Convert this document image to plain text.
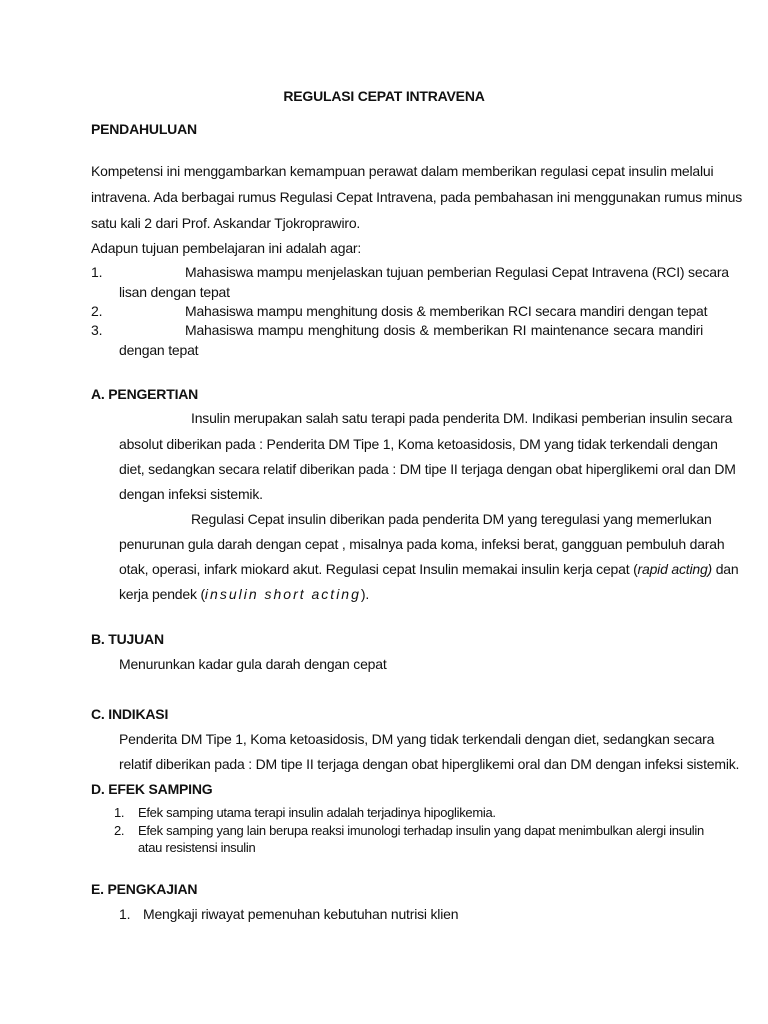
REGULASI CEPAT INTRAVENA
PENDAHULUAN
Kompetensi ini menggambarkan kemampuan perawat dalam memberikan regulasi cepat insulin melalui
intravena. Ada berbagai rumus Regulasi Cepat Intravena, pada pembahasan ini menggunakan rumus minus
satu kali 2 dari Prof. Askandar Tjokroprawiro.
Adapun tujuan pembelajaran ini adalah agar:
1.	Mahasiswa mampu menjelaskan tujuan pemberian Regulasi Cepat Intravena (RCI) secara
lisan dengan tepat
2.	Mahasiswa mampu menghitung dosis & memberikan RCI secara mandiri dengan tepat
3.	Mahasiswa mampu menghitung dosis & memberikan RI maintenance secara mandiri
dengan tepat
A. PENGERTIAN
Insulin merupakan salah satu terapi pada penderita DM. Indikasi pemberian insulin secara
absolut diberikan pada : Penderita DM Tipe 1, Koma ketoasidosis, DM yang tidak terkendali dengan
diet, sedangkan secara relatif diberikan pada : DM tipe II terjaga dengan obat hiperglikemi oral dan DM
dengan infeksi sistemik.
Regulasi Cepat insulin diberikan pada penderita DM yang teregulasi yang memerlukan
penurunan gula darah dengan cepat , misalnya pada koma, infeksi berat, gangguan pembuluh darah
otak, operasi, infark miokard akut. Regulasi cepat Insulin memakai insulin kerja cepat (rapid acting) dan
kerja pendek (insulin short acting).
B. TUJUAN
Menurunkan kadar gula darah dengan cepat
C. INDIKASI
Penderita DM Tipe 1, Koma ketoasidosis, DM yang tidak terkendali dengan diet, sedangkan secara
relatif diberikan pada : DM tipe II terjaga dengan obat hiperglikemi oral dan DM dengan infeksi sistemik.
D. EFEK SAMPING
1. Efek samping utama terapi insulin adalah terjadinya hipoglikemia.
2. Efek samping yang lain berupa reaksi imunologi terhadap insulin yang dapat menimbulkan alergi insulin
atau resistensi insulin
E. PENGKAJIAN
1. Mengkaji riwayat pemenuhan kebutuhan nutrisi klien
